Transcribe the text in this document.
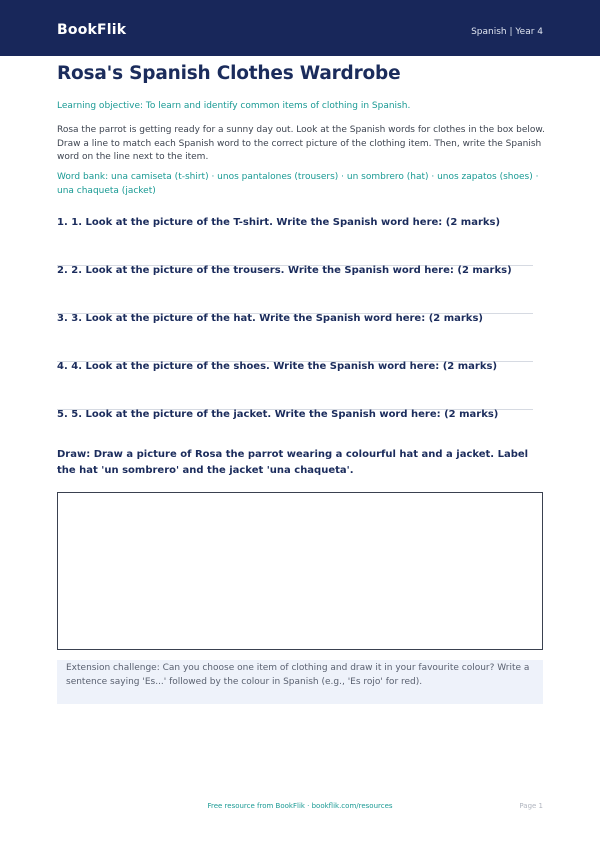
BookFlik	Spanish | Year 4
Rosa's Spanish Clothes Wardrobe

Learning objective: To learn and identify common items of clothing in Spanish.

Rosa the parrot is getting ready for a sunny day out. Look at the Spanish words for clothes in the box below. Draw a line to match each Spanish word to the correct picture of the clothing item. Then, write the Spanish word on the line next to the item.

Word bank: una camiseta (t-shirt) · unos pantalones (trousers) · un sombrero (hat) · unos zapatos (shoes) · una chaqueta (jacket)

1. 1. Look at the picture of the T-shirt. Write the Spanish word here: (2 marks)

2. 2. Look at the picture of the trousers. Write the Spanish word here: (2 marks)

3. 3. Look at the picture of the hat. Write the Spanish word here: (2 marks)

4. 4. Look at the picture of the shoes. Write the Spanish word here: (2 marks)

5. 5. Look at the picture of the jacket. Write the Spanish word here: (2 marks)

Draw: Draw a picture of Rosa the parrot wearing a colourful hat and a jacket. Label the hat 'un sombrero' and the jacket 'una chaqueta'.

Extension challenge: Can you choose one item of clothing and draw it in your favourite colour? Write a sentence saying 'Es...' followed by the colour in Spanish (e.g., 'Es rojo' for red).
Free resource from BookFlik · bookflik.com/resources	Page 1
